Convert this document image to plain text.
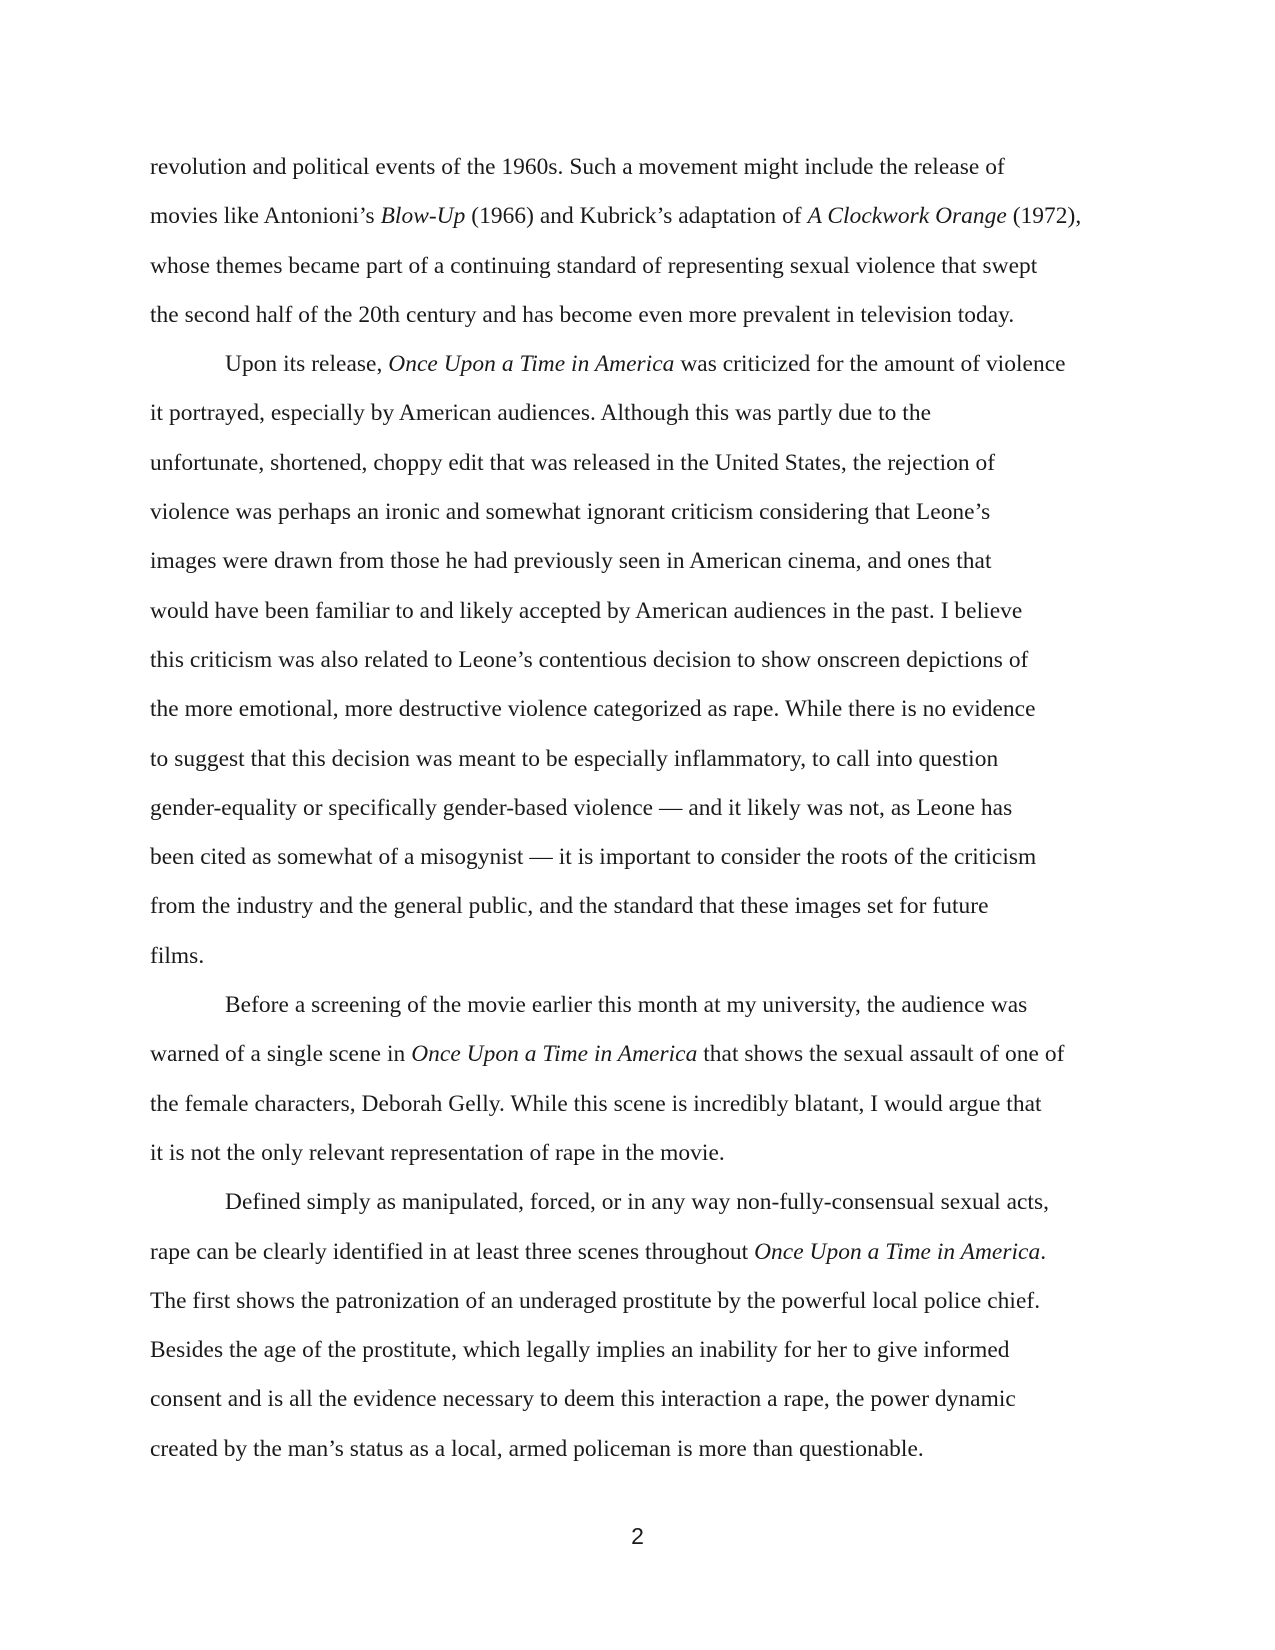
revolution and political events of the 1960s. Such a movement might include the release of
movies like Antonioni’s Blow-Up (1966) and Kubrick’s adaptation of A Clockwork Orange (1972),
whose themes became part of a continuing standard of representing sexual violence that swept
the second half of the 20th century and has become even more prevalent in television today.

Upon its release, Once Upon a Time in America was criticized for the amount of violence
it portrayed, especially by American audiences. Although this was partly due to the
unfortunate, shortened, choppy edit that was released in the United States, the rejection of
violence was perhaps an ironic and somewhat ignorant criticism considering that Leone’s
images were drawn from those he had previously seen in American cinema, and ones that
would have been familiar to and likely accepted by American audiences in the past. I believe
this criticism was also related to Leone’s contentious decision to show onscreen depictions of
the more emotional, more destructive violence categorized as rape. While there is no evidence
to suggest that this decision was meant to be especially inflammatory, to call into question
gender-equality or specifically gender-based violence — and it likely was not, as Leone has
been cited as somewhat of a misogynist — it is important to consider the roots of the criticism
from the industry and the general public, and the standard that these images set for future
films.

Before a screening of the movie earlier this month at my university, the audience was
warned of a single scene in Once Upon a Time in America that shows the sexual assault of one of
the female characters, Deborah Gelly. While this scene is incredibly blatant, I would argue that
it is not the only relevant representation of rape in the movie.

Defined simply as manipulated, forced, or in any way non-fully-consensual sexual acts,
rape can be clearly identified in at least three scenes throughout Once Upon a Time in America.
The first shows the patronization of an underaged prostitute by the powerful local police chief.
Besides the age of the prostitute, which legally implies an inability for her to give informed
consent and is all the evidence necessary to deem this interaction a rape, the power dynamic
created by the man’s status as a local, armed policeman is more than questionable.

2
